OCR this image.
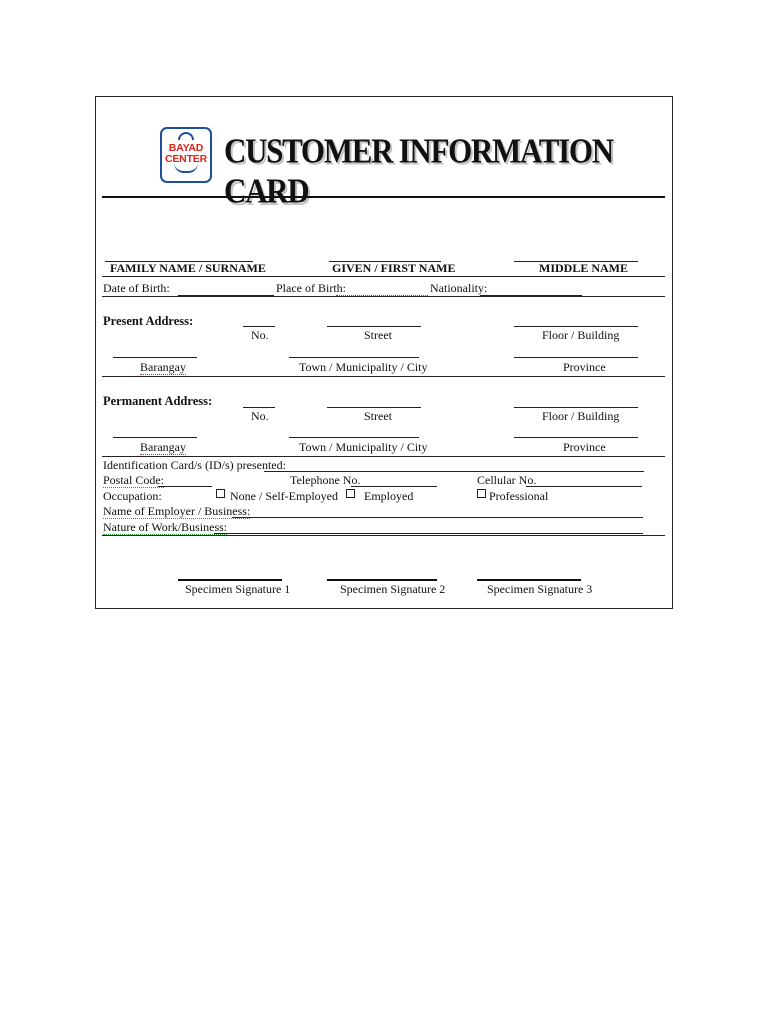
BAYAD
CENTER CUSTOMER INFORMATION CARD
FAMILY NAME / SURNAME	GIVEN / FIRST NAME	MIDDLE NAME
Date of Birth:	Place of Birth:	Nationality:
Present Address:
No.	Street	Floor / Building
Barangay	Town / Municipality / City	Province
Permanent Address:
No.	Street	Floor / Building
Barangay	Town / Municipality / City	Province
Identification Card/s (ID/s) presented:
Postal Code:	Telephone No.	Cellular No.
Occupation:	None / Self-Employed Employed	Professional
Name of Employer / Business:
Nature of Work/Business:
Specimen Signature 1	Specimen Signature 2	Specimen Signature 3
